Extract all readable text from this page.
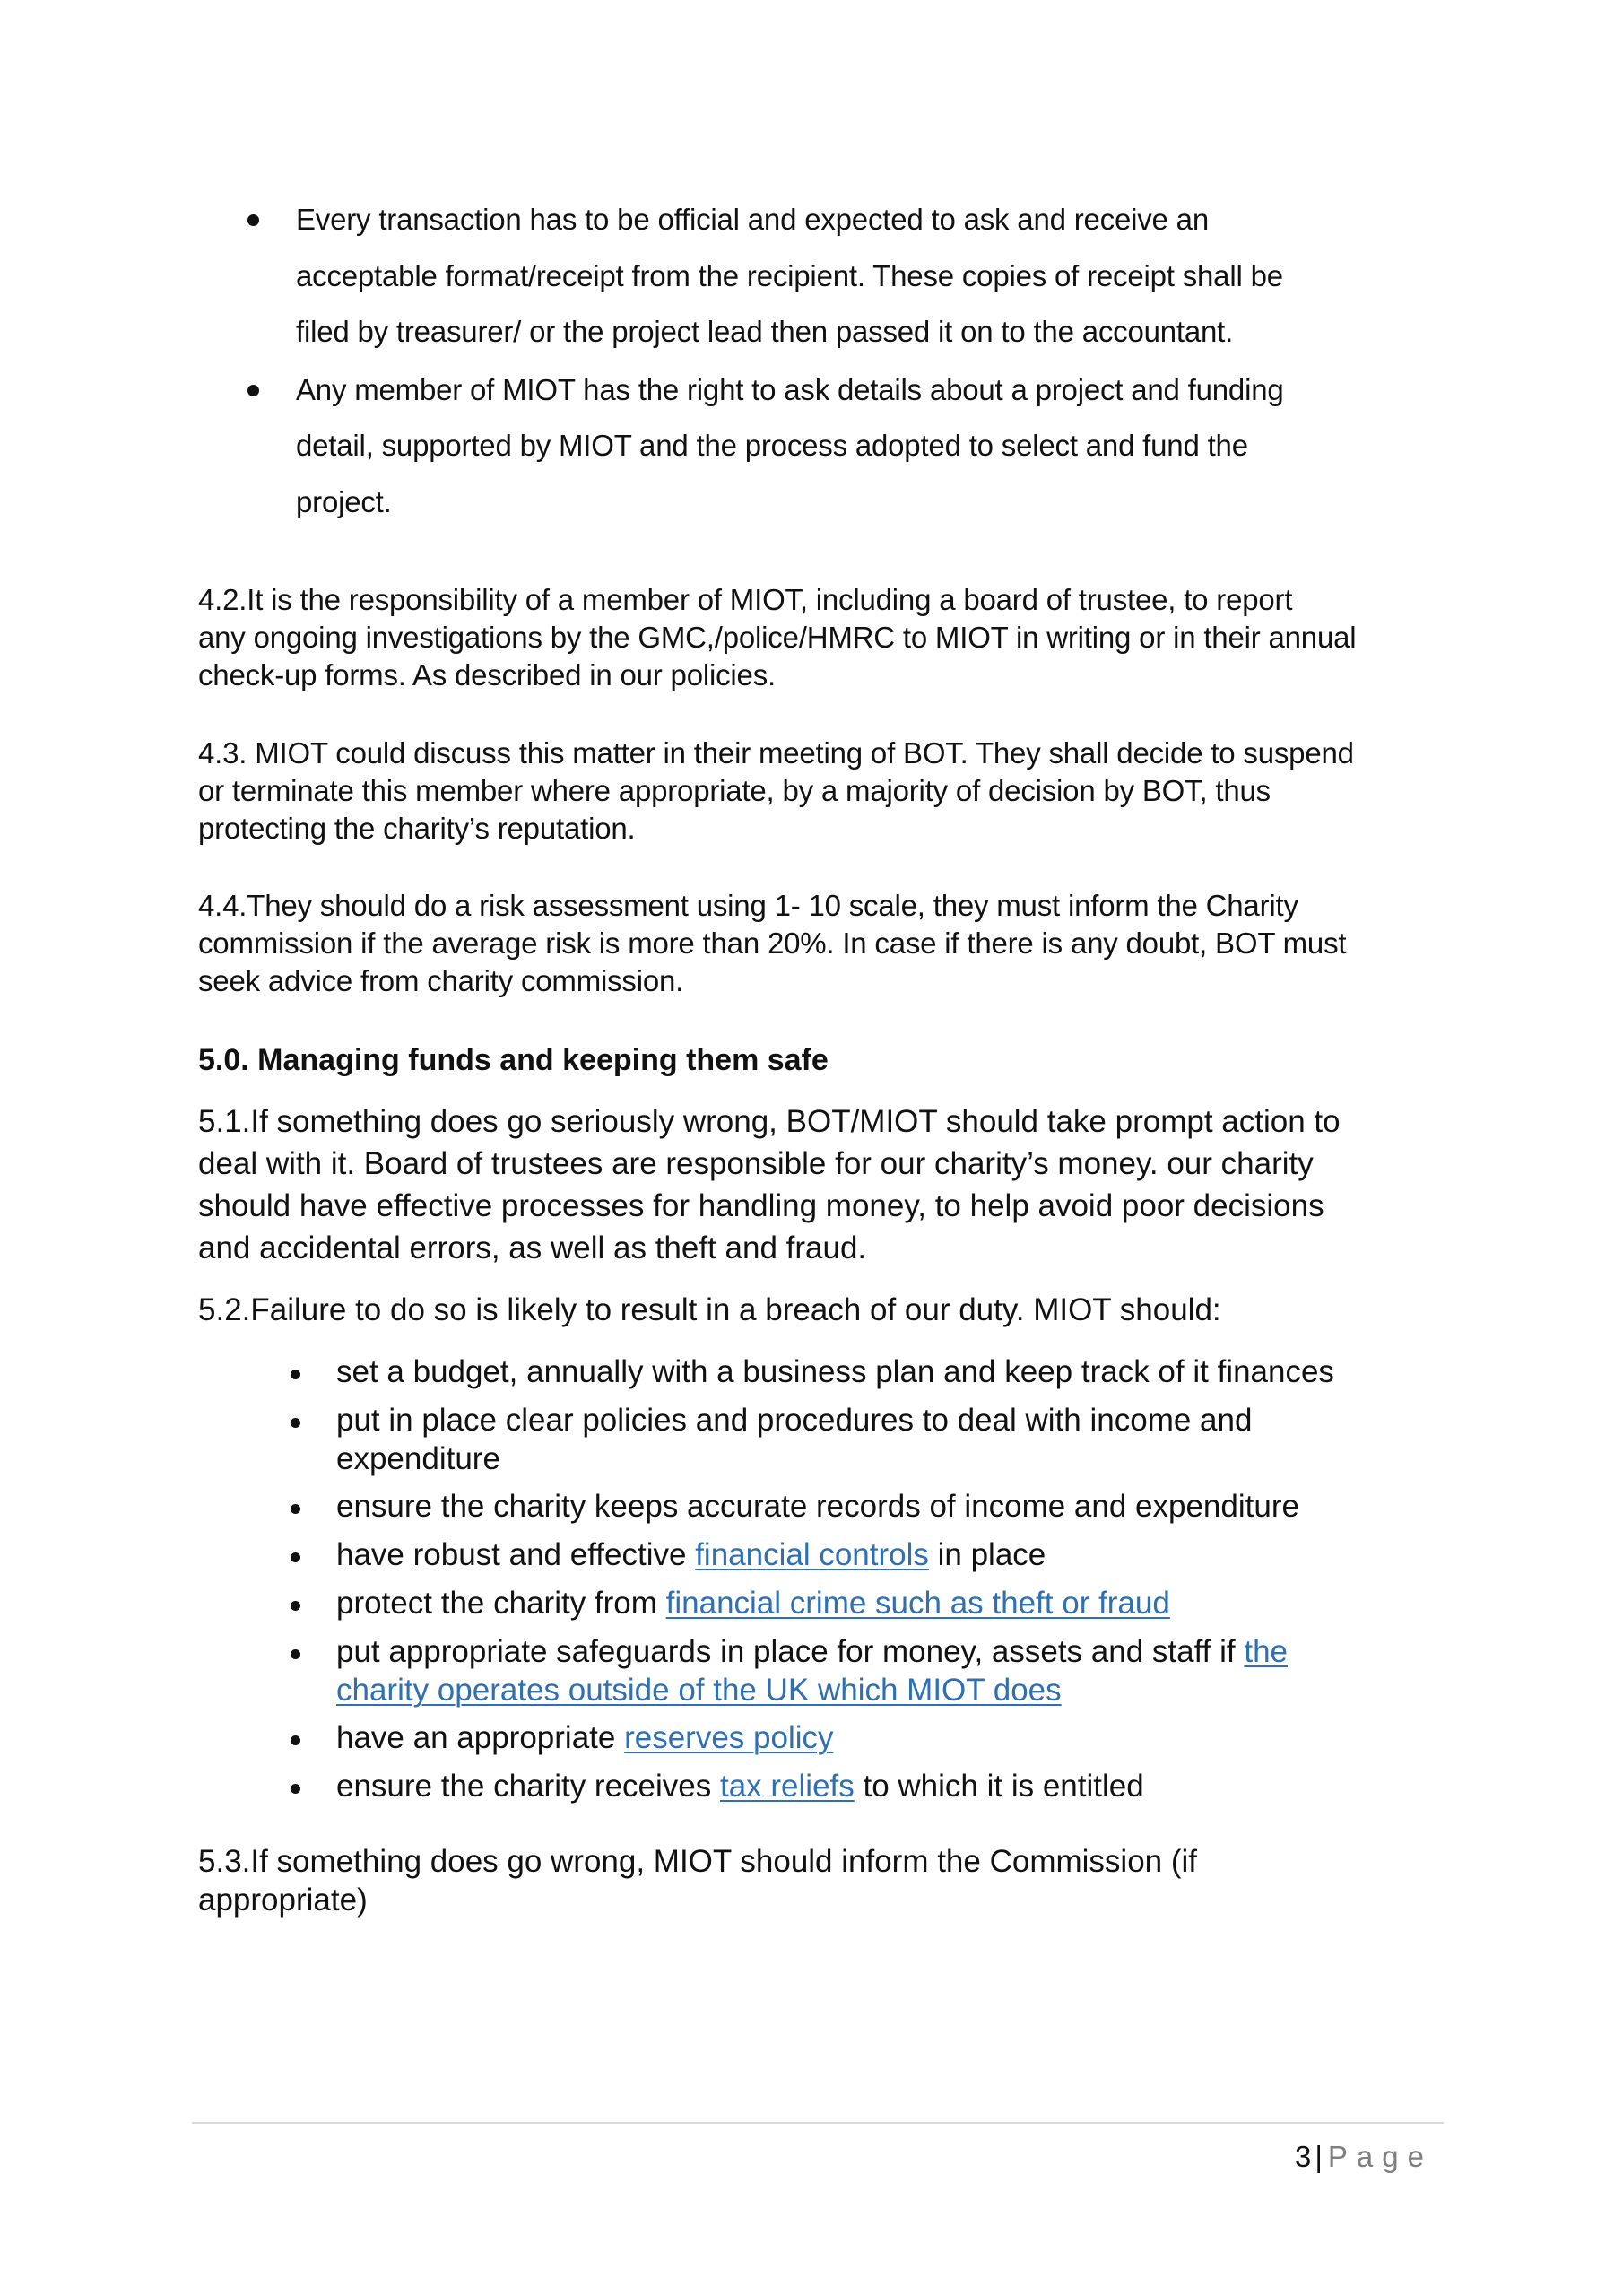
Every transaction has to be official and expected to ask and receive an
acceptable format/receipt from the recipient. These copies of receipt shall be
filed by treasurer/ or the project lead then passed it on to the accountant.
Any member of MIOT has the right to ask details about a project and funding
detail, supported by MIOT and the process adopted to select and fund the
project.
4.2.It is the responsibility of a member of MIOT, including a board of trustee, to report
any ongoing investigations by the GMC,/police/HMRC to MIOT in writing or in their annual
check-up forms. As described in our policies.
4.3. MIOT could discuss this matter in their meeting of BOT. They shall decide to suspend
or terminate this member where appropriate, by a majority of decision by BOT, thus
protecting the charity’s reputation.
4.4.They should do a risk assessment using 1- 10 scale, they must inform the Charity
commission if the average risk is more than 20%. In case if there is any doubt, BOT must
seek advice from charity commission.
5.0. Managing funds and keeping them safe
5.1.If something does go seriously wrong, BOT/MIOT should take prompt action to
deal with it. Board of trustees are responsible for our charity’s money. our charity
should have effective processes for handling money, to help avoid poor decisions
and accidental errors, as well as theft and fraud.
5.2.Failure to do so is likely to result in a breach of our duty. MIOT should:
set a budget, annually with a business plan and keep track of it finances
put in place clear policies and procedures to deal with income and
expenditure
ensure the charity keeps accurate records of income and expenditure
have robust and effective financial controls in place
protect the charity from financial crime such as theft or fraud
put appropriate safeguards in place for money, assets and staff if the
charity operates outside of the UK which MIOT does
have an appropriate reserves policy
ensure the charity receives tax reliefs to which it is entitled
5.3.If something does go wrong, MIOT should inform the Commission (if
appropriate)
3 | Page
